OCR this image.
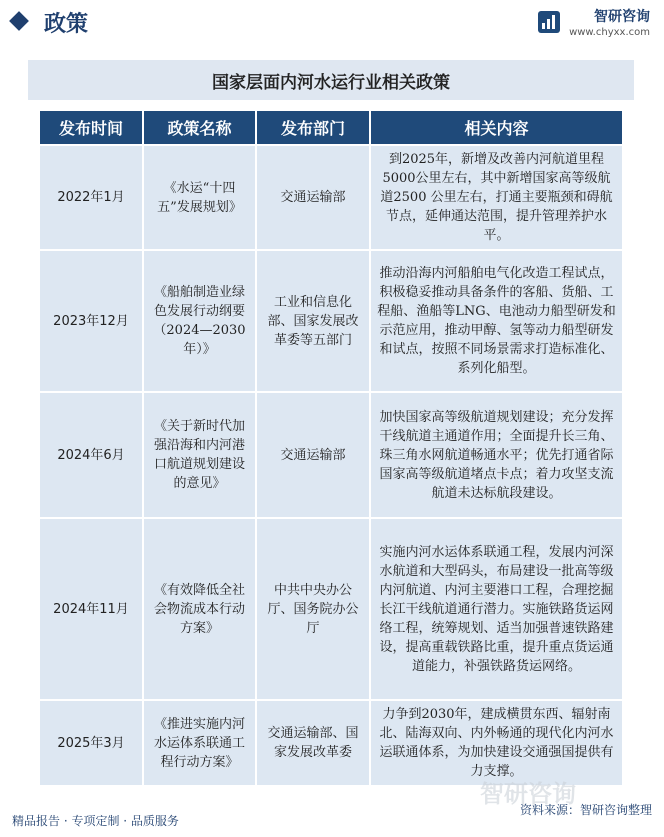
政策	智研咨询
www.chyxx.com
国家层面内河水运行业相关政策
发布时间	政策名称	发布部门	相关内容
2022年1月	《水运“十四五”发展规划》	交通运输部	到2025年，新增及改善内河航道里程5000公里左右，其中新增国家高等级航道2500 公里左右，打通主要瓶颈和碍航节点，延伸通达范围，提升管理养护水平。
2023年12月	《船舶制造业绿色发展行动纲要（2024—2030年）》	工业和信息化部、国家发展改革委等五部门	推动沿海内河船舶电气化改造工程试点，积极稳妥推动具备条件的客船、货船、工程船、渔船等LNG、电池动力船型研发和示范应用，推动甲醇、氢等动力船型研发和试点，按照不同场景需求打造标准化、系列化船型。
2024年6月	《关于新时代加强沿海和内河港口航道规划建设的意见》	交通运输部	加快国家高等级航道规划建设；充分发挥干线航道主通道作用；全面提升长三角、珠三角水网航道畅通水平；优先打通省际国家高等级航道堵点卡点；着力攻坚支流航道未达标航段建设。
2024年11月	《有效降低全社会物流成本行动方案》	中共中央办公厅、国务院办公厅	实施内河水运体系联通工程，发展内河深水航道和大型码头，布局建设一批高等级内河航道、内河主要港口工程，合理挖掘长江干线航道通行潜力。实施铁路货运网络工程，统筹规划、适当加强普速铁路建设，提高重载铁路比重，提升重点货运通道能力，补强铁路货运网络。
2025年3月	《推进实施内河水运体系联通工程行动方案》	交通运输部、国家发展改革委	力争到2030年，建成横贯东西、辐射南北、陆海双向、内外畅通的现代化内河水运联通体系，为加快建设交通强国提供有力支撑。
智研咨询
精品报告 · 专项定制 · 品质服务
资料来源：智研咨询整理
